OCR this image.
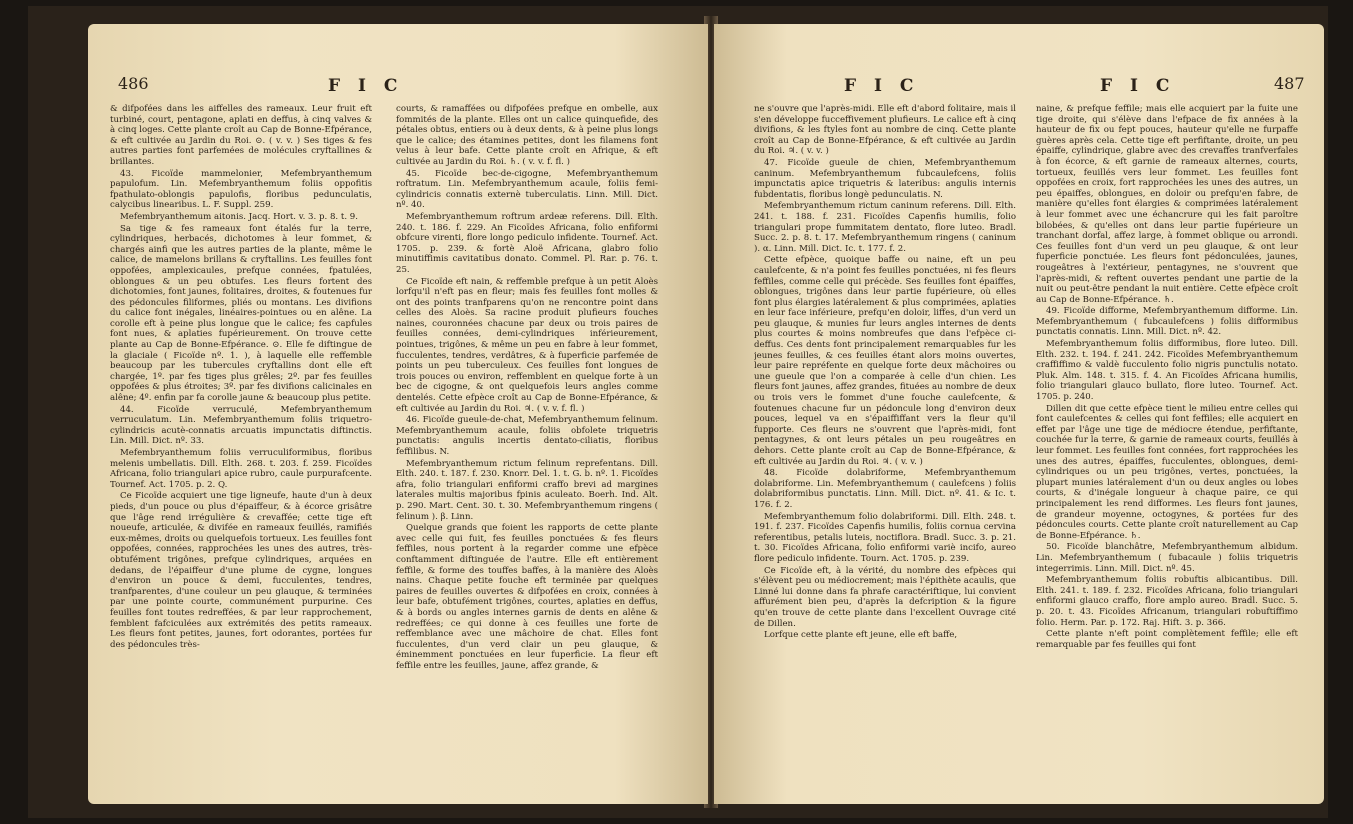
486	F I C

& difpofées dans les aiffelles des rameaux. Leur fruit eft turbiné, court, pentagone, aplati en deffus, à cinq valves & à cinq loges. Cette plante croît au Cap de Bonne-Efpérance, & eft cultivée au Jardin du Roi. ⊙. ( v. v. ) Ses tiges & fes autres parties font parfemées de molécules cryftallines & brillantes.

43. Ficoïde mammelonier, Mefembryanthemum papulofum. Lin. Mefembryanthemum foliis oppofitis fpathulato-oblongis papulofis, floribus pedunculatis, calycibus linearibus. L. F. Suppl. 259.

Mefembryanthemum aitonis. Jacq. Hort. v. 3. p. 8. t. 9.

Sa tige & fes rameaux font étalés fur la terre, cylindriques, herbacés, dichotomes à leur fommet, & chargés ainfi que les autres parties de la plante, même le calice, de mamelons brillans & cryftallins. Les feuilles font oppofées, amplexicaules, prefque connées, fpatulées, oblongues & un peu obtufes. Les fleurs fortent des dichotomies, font jaunes, folitaires, droites, & foutenues fur des pédoncules filiformes, pliés ou montans. Les divifions du calice font inégales, linéaires-pointues ou en alêne. La corolle eft à peine plus longue que le calice; fes capfules font nues, & aplaties fupérieurement. On trouve cette plante au Cap de Bonne-Efpérance. ⊙. Elle fe diftingue de la glaciale ( Ficoïde nº. 1. ), à laquelle elle reffemble beaucoup par les tubercules cryftallins dont elle eft chargée, 1º. par fes tiges plus grêles; 2º. par fes feuilles oppofées & plus étroites; 3º. par fes divifions calicinales en alêne; 4º. enfin par fa corolle jaune & beaucoup plus petite.

44. Ficoïde verruculé, Mefembryanthemum verruculatum. Lin. Mefembryanthemum foliis triquetro-cylindricis acutè-connatis arcuatis impunctatis diftinctis. Lin. Mill. Dict. nº. 33.

Mefembryanthemum foliis verruculiformibus, floribus melenis umbellatis. Dill. Elth. 268. t. 203. f. 259. Ficoïdes Africana, folio triangulari apice rubro, caule purpurafcente. Tournef. Act. 1705. p. 2. Q.

Ce Ficoïde acquiert une tige ligneufe, haute d'un à deux pieds, d'un pouce ou plus d'épaiffeur, & à écorce grisâtre que l'âge rend irrégulière & crevaffée; cette tige eft noueufe, articulée, & divifée en rameaux feuillés, ramifiés eux-mêmes, droits ou quelquefois tortueux. Les feuilles font oppofées, connées, rapprochées les unes des autres, très-obtufément trigônes, prefque cylindriques, arquées en dedans, de l'épaiffeur d'une plume de cygne, longues d'environ un pouce & demi, fucculentes, tendres, tranfparentes, d'une couleur un peu glauque, & terminées par une pointe courte, communément purpurine. Ces feuilles font toutes redreffées, & par leur rapprochement, femblent fafciculées aux extrémités des petits rameaux. Les fleurs font petites, jaunes, fort odorantes, portées fur des pédoncules très-

courts, & ramaffées ou difpofées prefque en ombelle, aux fommités de la plante. Elles ont un calice quinquefide, des pétales obtus, entiers ou à deux dents, & à peine plus longs que le calice; des étamines petites, dont les filamens font velus à leur bafe. Cette plante croît en Afrique, & eft cultivée au Jardin du Roi. ♄. ( v. v. f. fl. )

45. Ficoïde bec-de-cigogne, Mefembryanthemum roftratum. Lin. Mefembryanthemum acaule, foliis femi-cylindricis connatis externè tuberculatis. Linn. Mill. Dict. nº. 40.

Mefembryanthemum roftrum ardeæ referens. Dill. Elth. 240. t. 186. f. 229. An Ficoïdes Africana, folio enfiformi obfcure virenti, flore longo pediculo infidente. Tournef. Act. 1705. p. 239. & fortè Aloë Africana, glabro folio minutiffimis cavitatibus donato. Commel. Pl. Rar. p. 76. t. 25.

Ce Ficoïde eft nain, & reffemble prefque à un petit Aloès lorfqu'il n'eft pas en fleur; mais fes feuilles font molles & ont des points tranfparens qu'on ne rencontre point dans celles des Aloès. Sa racine produit plufieurs fouches naines, couronnées chacune par deux ou trois paires de feuilles connées, demi-cylindriques inférieurement, pointues, trigônes, & même un peu en fabre à leur fommet, fucculentes, tendres, verdâtres, & à fuperficie parfemée de points un peu tuberculeux. Ces feuilles font longues de trois pouces ou environ, reffemblent en quelque forte à un bec de cigogne, & ont quelquefois leurs angles comme dentelés. Cette efpèce croît au Cap de Bonne-Efpérance, & eft cultivée au Jardin du Roi. ♃. ( v. v. f. fl. )

46. Ficoïde gueule-de-chat, Mefembryanthemum felinum. Mefembryanthemum acaule, foliis obfolete triquetris punctatis: angulis incertis dentato-ciliatis, floribus feffilibus. N.

Mefembryanthemum rictum felinum reprefentans. Dill. Elth. 240. t. 187. f. 230. Knorr. Del. 1. t. G. b. nº. 1. Ficoïdes afra, folio triangulari enfiformi craffo brevi ad margines laterales multis majoribus fpinis aculeato. Boerh. Ind. Alt. p. 290. Mart. Cent. 30. t. 30. Mefembryanthemum ringens ( felinum ). β. Linn.

Quelque grands que foient les rapports de cette plante avec celle qui fuit, fes feuilles ponctuées & fes fleurs feffiles, nous portent à la regarder comme une efpèce conftamment diftinguée de l'autre. Elle eft entièrement feffile, & forme des touffes baffes, à la manière des Aloès nains. Chaque petite fouche eft terminée par quelques paires de feuilles ouvertes & difpofées en croix, connées à leur bafe, obtufément trigônes, courtes, aplaties en deffus, & à bords ou angles internes garnis de dents en alêne & redreffées; ce qui donne à ces feuilles une forte de reffemblance avec une mâchoire de chat. Elles font fucculentes, d'un verd clair un peu glauque, & éminemment ponctuées en leur fuperficie. La fleur eft feffile entre les feuilles, jaune, affez grande, &

F I C	F I C	487

ne s'ouvre que l'après-midi. Elle eft d'abord folitaire, mais il s'en développe fucceffivement plufieurs. Le calice eft à cinq divifions, & les ftyles font au nombre de cinq. Cette plante croît au Cap de Bonne-Efpérance, & eft cultivée au Jardin du Roi. ♃. ( v. v. )

47. Ficoïde gueule de chien, Mefembryanthemum caninum. Mefembryanthemum fubcaulefcens, foliis impunctatis apice triquetris & lateribus: angulis internis fubdentatis, floribus longè pedunculatis. N.

Mefembryanthemum rictum caninum referens. Dill. Elth. 241. t. 188. f. 231. Ficoïdes Capenfis humilis, folio triangulari prope fummitatem dentato, flore luteo. Bradl. Succ. 2. p. 8. t. 17. Mefembryanthemum ringens ( caninum ). α. Linn. Mill. Dict. Ic. t. 177. f. 2.

Cette efpèce, quoique baffe ou naine, eft un peu caulefcente, & n'a point fes feuilles ponctuées, ni fes fleurs feffiles, comme celle qui précède. Ses feuilles font épaiffes, oblongues, trigônes dans leur partie fupérieure, où elles font plus élargies latéralement & plus comprimées, aplaties en leur face inférieure, prefqu'en doloir, liffes, d'un verd un peu glauque, & munies fur leurs angles internes de dents plus courtes & moins nombreufes que dans l'efpèce ci-deffus. Ces dents font principalement remarquables fur les jeunes feuilles, & ces feuilles étant alors moins ouvertes, leur paire repréfente en quelque forte deux mâchoires ou une gueule que l'on a comparée à celle d'un chien. Les fleurs font jaunes, affez grandes, fituées au nombre de deux ou trois vers le fommet d'une fouche caulefcente, & foutenues chacune fur un pédoncule long d'environ deux pouces, lequel va en s'épaiffiffant vers la fleur qu'il fupporte. Ces fleurs ne s'ouvrent que l'après-midi, font pentagynes, & ont leurs pétales un peu rougeâtres en dehors. Cette plante croît au Cap de Bonne-Efpérance, & eft cultivée au Jardin du Roi. ♃. ( v. v. )

48. Ficoïde dolabriforme, Mefembryanthemum dolabriforme. Lin. Mefembryanthemum ( caulefcens ) foliis dolabriformibus punctatis. Linn. Mill. Dict. nº. 41. & Ic. t. 176. f. 2.

Mefembryanthemum folio dolabriformi. Dill. Elth. 248. t. 191. f. 237. Ficoïdes Capenfis humilis, foliis cornua cervina referentibus, petalis luteis, noctiflora. Bradl. Succ. 3. p. 21. t. 30. Ficoïdes Africana, folio enfiformi variè incifo, aureo flore pediculo infidente. Tourn. Act. 1705. p. 239.

Ce Ficoïde eft, à la vérité, du nombre des efpèces qui s'élèvent peu ou médiocrement; mais l'épithète acaulis, que Linné lui donne dans fa phrafe caractériftique, lui convient affurément bien peu, d'après la defcription & la figure qu'en trouve de cette plante dans l'excellent Ouvrage cité de Dillen.

Lorfque cette plante eft jeune, elle eft baffe,

naine, & prefque feffile; mais elle acquiert par la fuite une tige droite, qui s'élève dans l'efpace de fix années à la hauteur de fix ou fept pouces, hauteur qu'elle ne furpaffe guères après cela. Cette tige eft perfiftante, droite, un peu épaiffe, cylindrique, glabre avec des crevaffes tranfverfales à fon écorce, & eft garnie de rameaux alternes, courts, tortueux, feuillés vers leur fommet. Les feuilles font oppofées en croix, fort rapprochées les unes des autres, un peu épaiffes, oblongues, en doloir ou prefqu'en fabre, de manière qu'elles font élargies & comprimées latéralement à leur fommet avec une échancrure qui les fait paroître bilobées, & qu'elles ont dans leur partie fupérieure un tranchant dorfal, affez large, à fommet oblique ou arrondi. Ces feuilles font d'un verd un peu glauque, & ont leur fuperficie ponctuée. Les fleurs font pédonculées, jaunes, rougeâtres à l'extérieur, pentagynes, ne s'ouvrent que l'après-midi, & reftent ouvertes pendant une partie de la nuit ou peut-être pendant la nuit entière. Cette efpèce croît au Cap de Bonne-Efpérance. ♄.

49. Ficoïde difforme, Mefembryanthemum difforme. Lin. Mefembryanthemum ( fubcaulefcens ) foliis difformibus punctatis connatis. Linn. Mill. Dict. nº. 42.

Mefembryanthemum foliis difformibus, flore luteo. Dill. Elth. 232. t. 194. f. 241. 242. Ficoïdes Mefembryanthemum craffiffimo & valdè fucculento folio nigris punctulis notato. Pluk. Alm. 148. t. 315. f. 4. An Ficoïdes Africana humilis, folio triangulari glauco bullato, flore luteo. Tournef. Act. 1705. p. 240.

Dillen dit que cette efpèce tient le milieu entre celles qui font caulefcentes & celles qui font feffiles; elle acquiert en effet par l'âge une tige de médiocre étendue, perfiftante, couchée fur la terre, & garnie de rameaux courts, feuillés à leur fommet. Les feuilles font connées, fort rapprochées les unes des autres, épaiffes, fucculentes, oblongues, demi-cylindriques ou un peu trigônes, vertes, ponctuées, la plupart munies latéralement d'un ou deux angles ou lobes courts, & d'inégale longueur à chaque paire, ce qui principalement les rend difformes. Les fleurs font jaunes, de grandeur moyenne, octogynes, & portées fur des pédoncules courts. Cette plante croît naturellement au Cap de Bonne-Efpérance. ♄.

50. Ficoïde blanchâtre, Mefembryanthemum albidum. Lin. Mefembryanthemum ( fubacaule ) foliis triquetris integerrimis. Linn. Mill. Dict. nº. 45.

Mefembryanthemum foliis robuftis albicantibus. Dill. Elth. 241. t. 189. f. 232. Ficoïdes Africana, folio triangulari enfiformi glauco craffo, flore amplo aureo. Bradl. Succ. 5. p. 20. t. 43. Ficoïdes Africanum, triangulari robuftiffimo folio. Herm. Par. p. 172. Raj. Hift. 3. p. 366.

Cette plante n'eft point complètement feffile; elle eft remarquable par fes feuilles qui font
